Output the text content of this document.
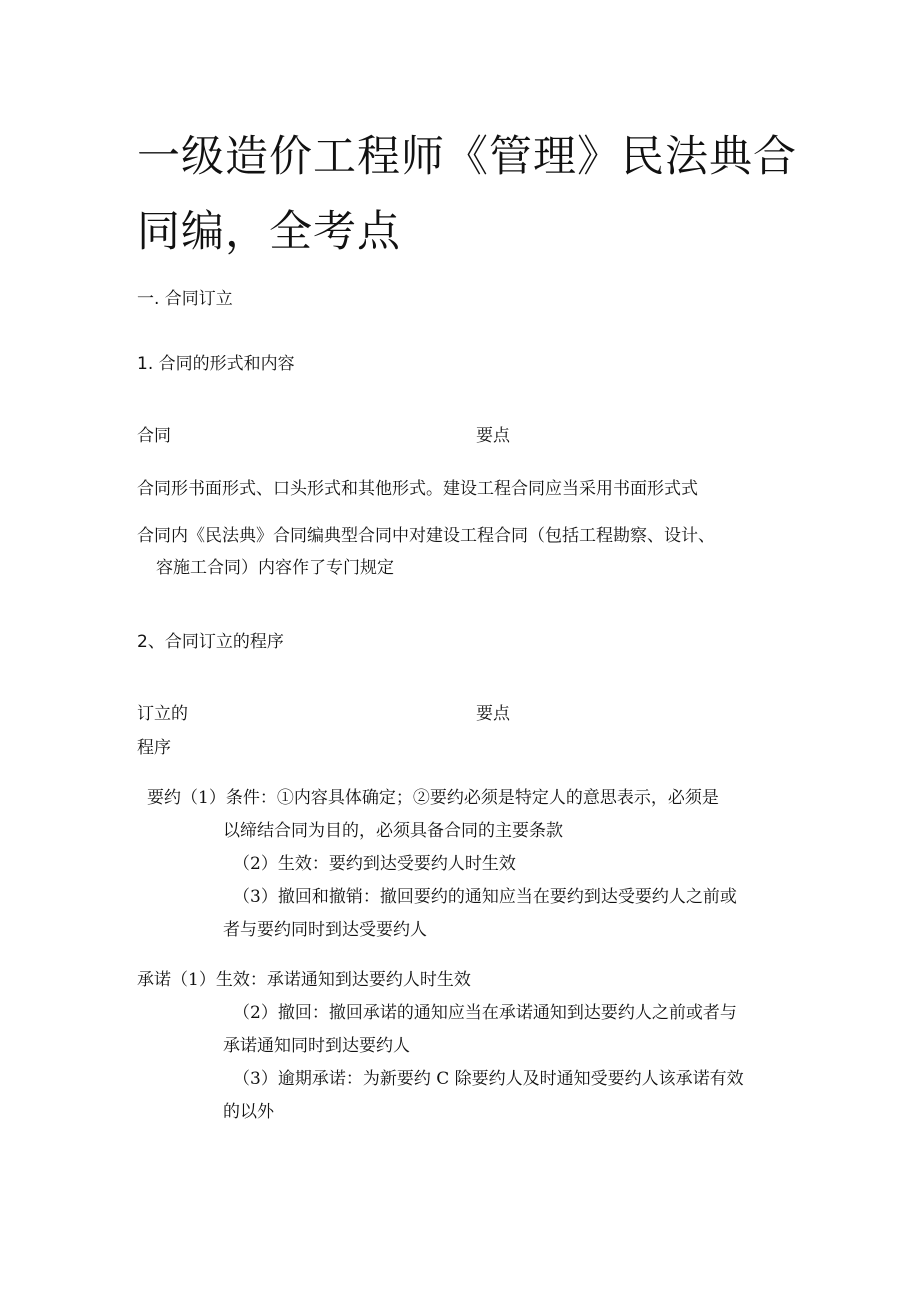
一级造价工程师《管理》民法典合
同编，全考点
一. 合同订立
1. 合同的形式和内容
合同	要点
合同形书面形式、口头形式和其他形式。建设工程合同应当采用书面形式式
合同内《民法典》合同编典型合同中对建设工程合同（包括工程勘察、设计、
容施工合同）内容作了专门规定
2、合同订立的程序
订立的
程序
要点
要约（1）条件：①内容具体确定；②要约必须是特定人的意思表示，必须是
以缔结合同为目的，必须具备合同的主要条款
（2）生效：要约到达受要约人时生效
（3）撤回和撤销：撤回要约的通知应当在要约到达受要约人之前或
者与要约同时到达受要约人
承诺（1）生效：承诺通知到达要约人时生效
（2）撤回：撤回承诺的通知应当在承诺通知到达要约人之前或者与
承诺通知同时到达要约人
（3）逾期承诺：为新要约 C 除要约人及时通知受要约人该承诺有效
的以外
